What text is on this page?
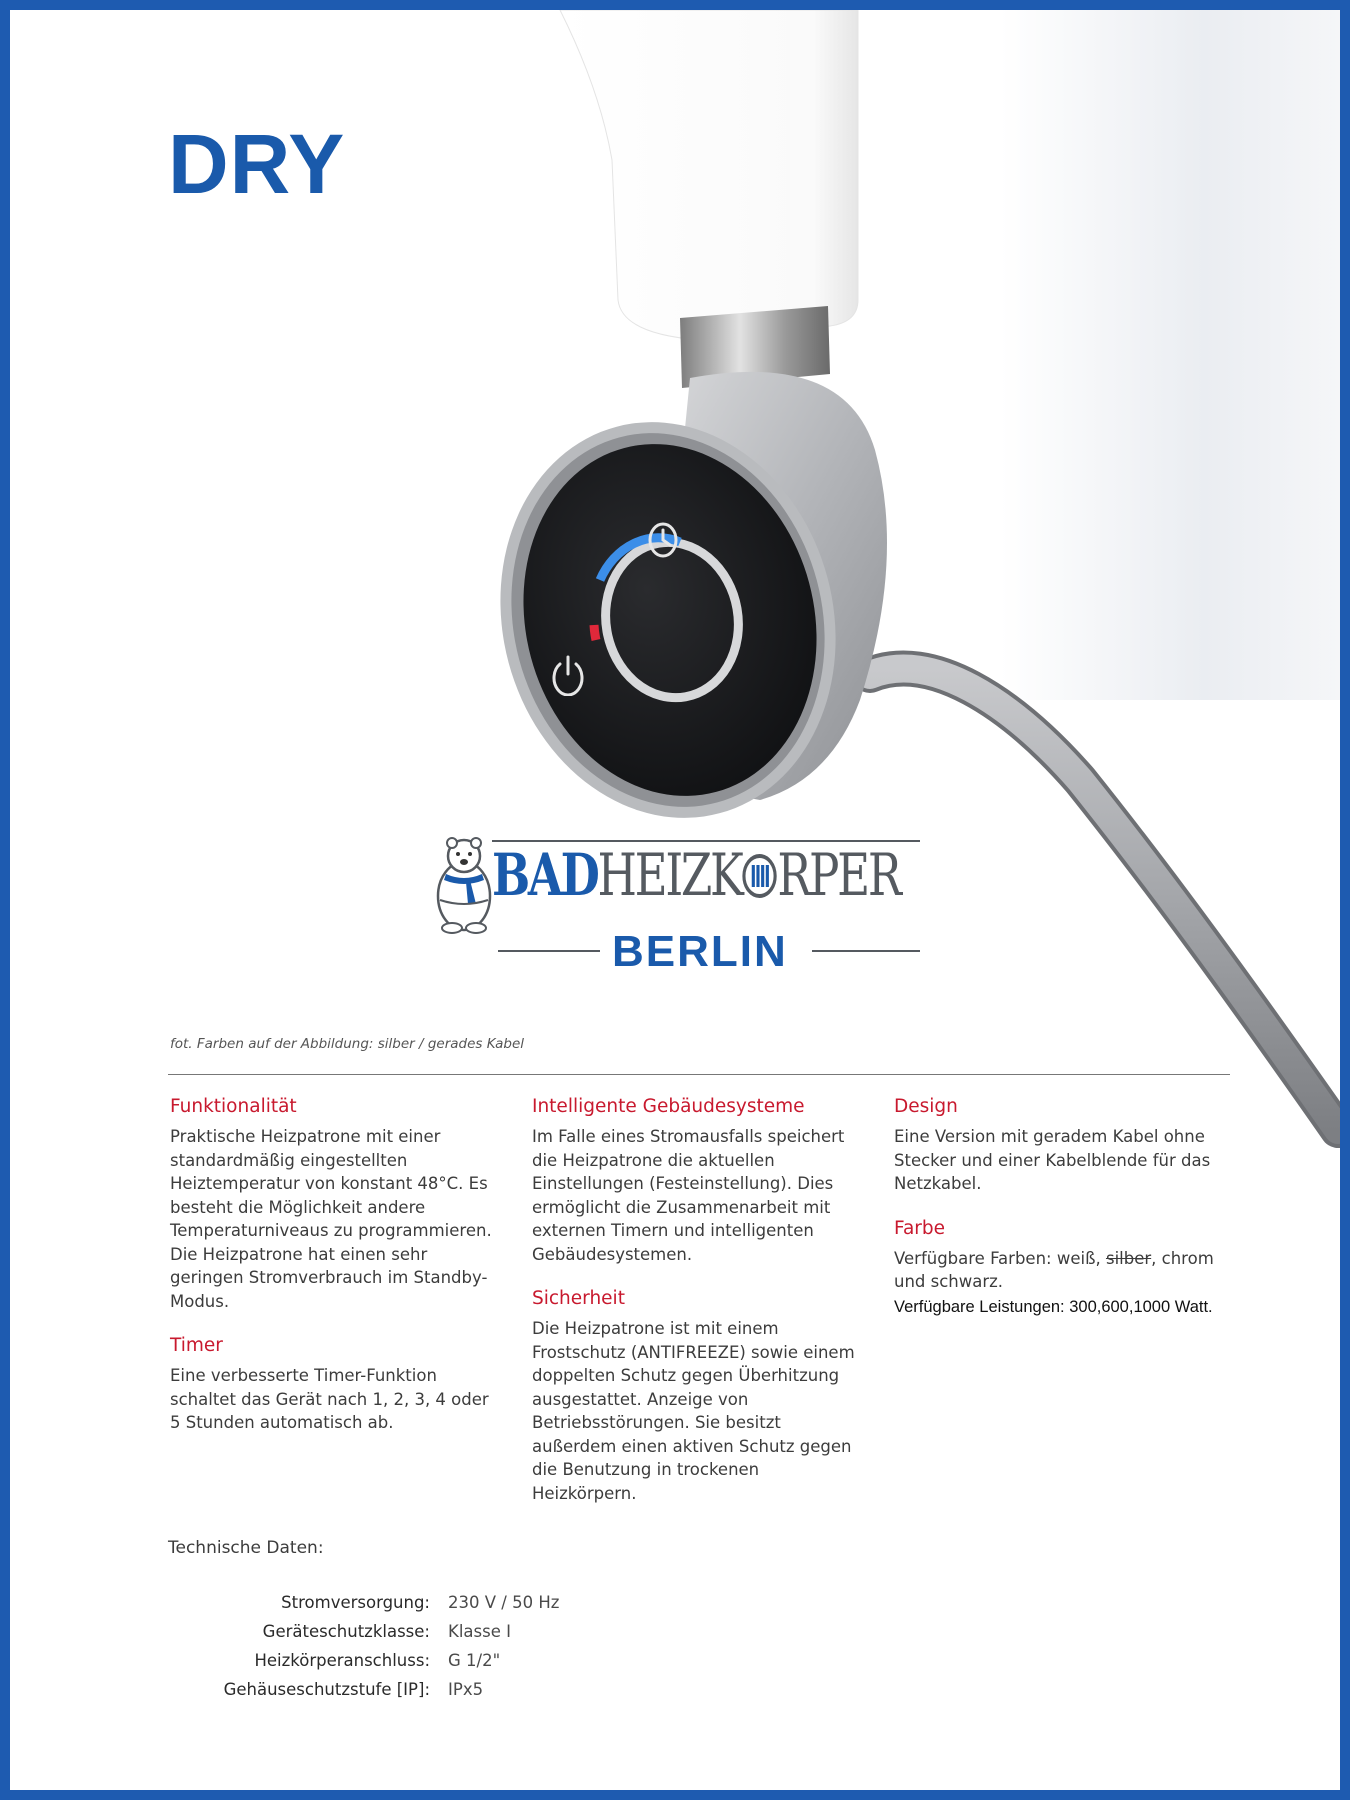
DRY
BADHEIZK RPER
BERLIN
fot. Farben auf der Abbildung: silber / gerades Kabel
Funktionalität

Praktische Heizpatrone mit einer standardmäßig eingestellten Heiztemperatur von konstant 48°C. Es besteht die Möglichkeit andere Temperaturniveaus zu programmieren. Die Heizpatrone hat einen sehr geringen Stromverbrauch im Standby-Modus.

Timer

Eine verbesserte Timer-Funktion schaltet das Gerät nach 1, 2, 3, 4 oder 5 Stunden automatisch ab.

Intelligente Gebäudesysteme

Im Falle eines Stromausfalls speichert die Heizpatrone die aktuellen Einstellungen (Festeinstellung). Dies ermöglicht die Zusammenarbeit mit externen Timern und intelligenten Gebäudesystemen.

Sicherheit

Die Heizpatrone ist mit einem Frostschutz (ANTIFREEZE) sowie einem doppelten Schutz gegen Überhitzung ausgestattet. Anzeige von Betriebsstörungen. Sie besitzt außerdem einen aktiven Schutz gegen die Benutzung in trockenen Heizkörpern.

Design

Eine Version mit geradem Kabel ohne Stecker und einer Kabelblende für das Netzkabel.

Farbe

Verfügbare Farben: weiß, silber, chrom und schwarz.

Verfügbare Leistungen: 300,600,1000 Watt.

Technische Daten:
Stromversorgung:	230 V / 50 Hz
Geräteschutzklasse:	Klasse I
Heizkörperanschluss:	G 1/2"
Gehäuseschutzstufe [IP]:	IPx5
